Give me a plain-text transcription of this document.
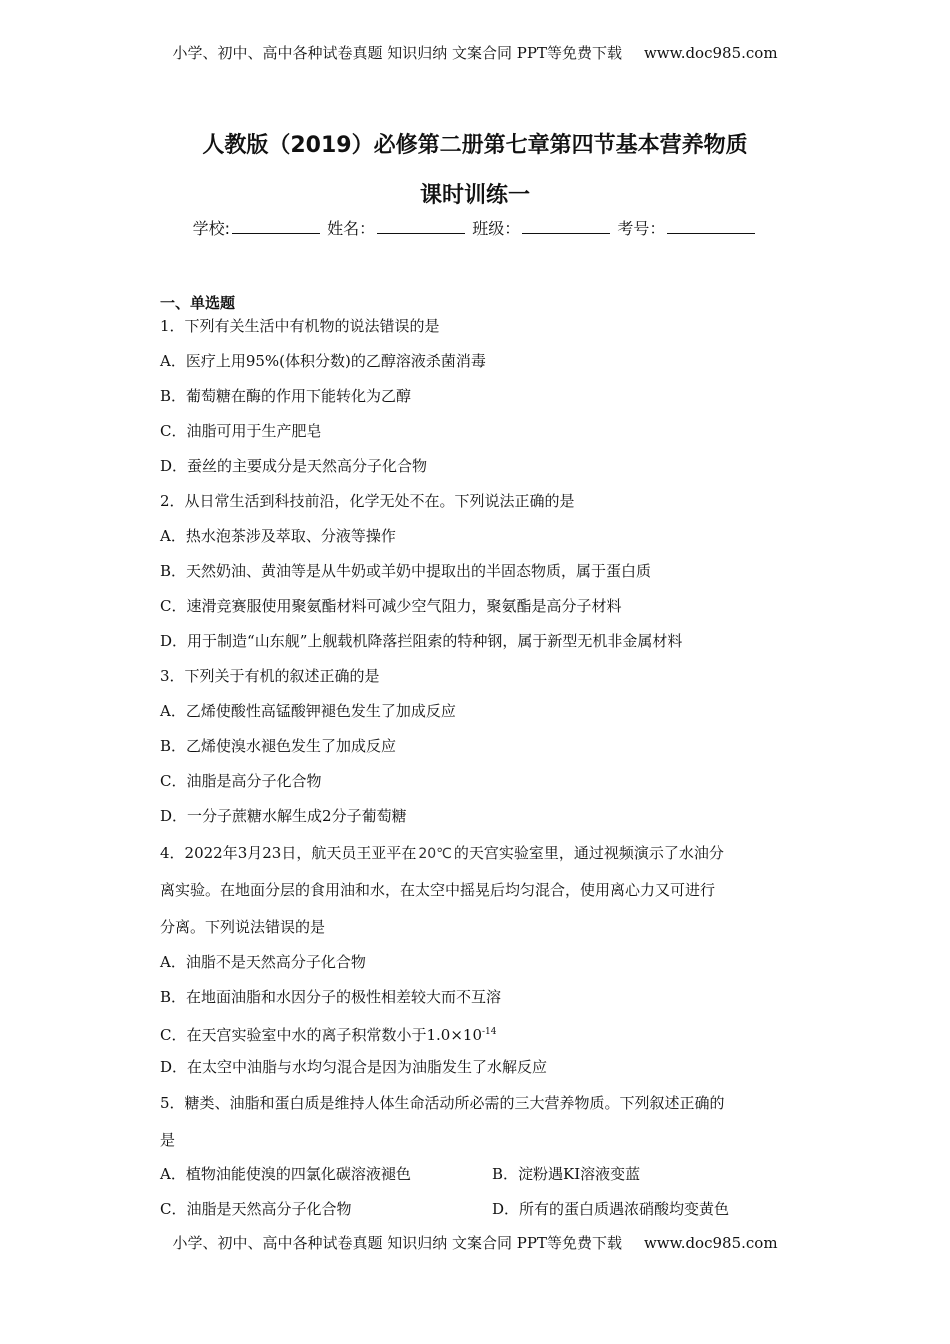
小学、初中、高中各种试卷真题 知识归纳 文案合同 PPT等免费下载 www.doc985.com
人教版（2019）必修第二册第七章第四节基本营养物质
课时训练一
学校:	姓名：	班级：	考号：
一、单选题
1．下列有关生活中有机物的说法错误的是
A．医疗上用95%(体积分数)的乙醇溶液杀菌消毒
B．葡萄糖在酶的作用下能转化为乙醇
C．油脂可用于生产肥皂
D．蚕丝的主要成分是天然高分子化合物
2．从日常生活到科技前沿，化学无处不在。下列说法正确的是
A．热水泡茶涉及萃取、分液等操作
B．天然奶油、黄油等是从牛奶或羊奶中提取出的半固态物质，属于蛋白质
C．速滑竞赛服使用聚氨酯材料可减少空气阻力，聚氨酯是高分子材料
D．用于制造“山东舰”上舰载机降落拦阻索的特种钢，属于新型无机非金属材料
3．下列关于有机的叙述正确的是
A．乙烯使酸性高锰酸钾褪色发生了加成反应
B．乙烯使溴水褪色发生了加成反应
C．油脂是高分子化合物
D．一分子蔗糖水解生成2分子葡萄糖
4．2022年3月23日，航天员王亚平在 20℃ 的天宫实验室里，通过视频演示了水油分
离实验。在地面分层的食用油和水，在太空中摇晃后均匀混合，使用离心力又可进行
分离。下列说法错误的是
A．油脂不是天然高分子化合物
B．在地面油脂和水因分子的极性相差较大而不互溶
C．在天宫实验室中水的离子积常数小于$1.0\times 10^{-14}$
D．在太空中油脂与水均匀混合是因为油脂发生了水解反应
5．糖类、油脂和蛋白质是维持人体生命活动所必需的三大营养物质。下列叙述正确的
是
A．植物油能使溴的四氯化碳溶液褪色	B．淀粉遇KI溶液变蓝
C．油脂是天然高分子化合物	D．所有的蛋白质遇浓硝酸均变黄色
小学、初中、高中各种试卷真题 知识归纳 文案合同 PPT等免费下载 www.doc985.com
